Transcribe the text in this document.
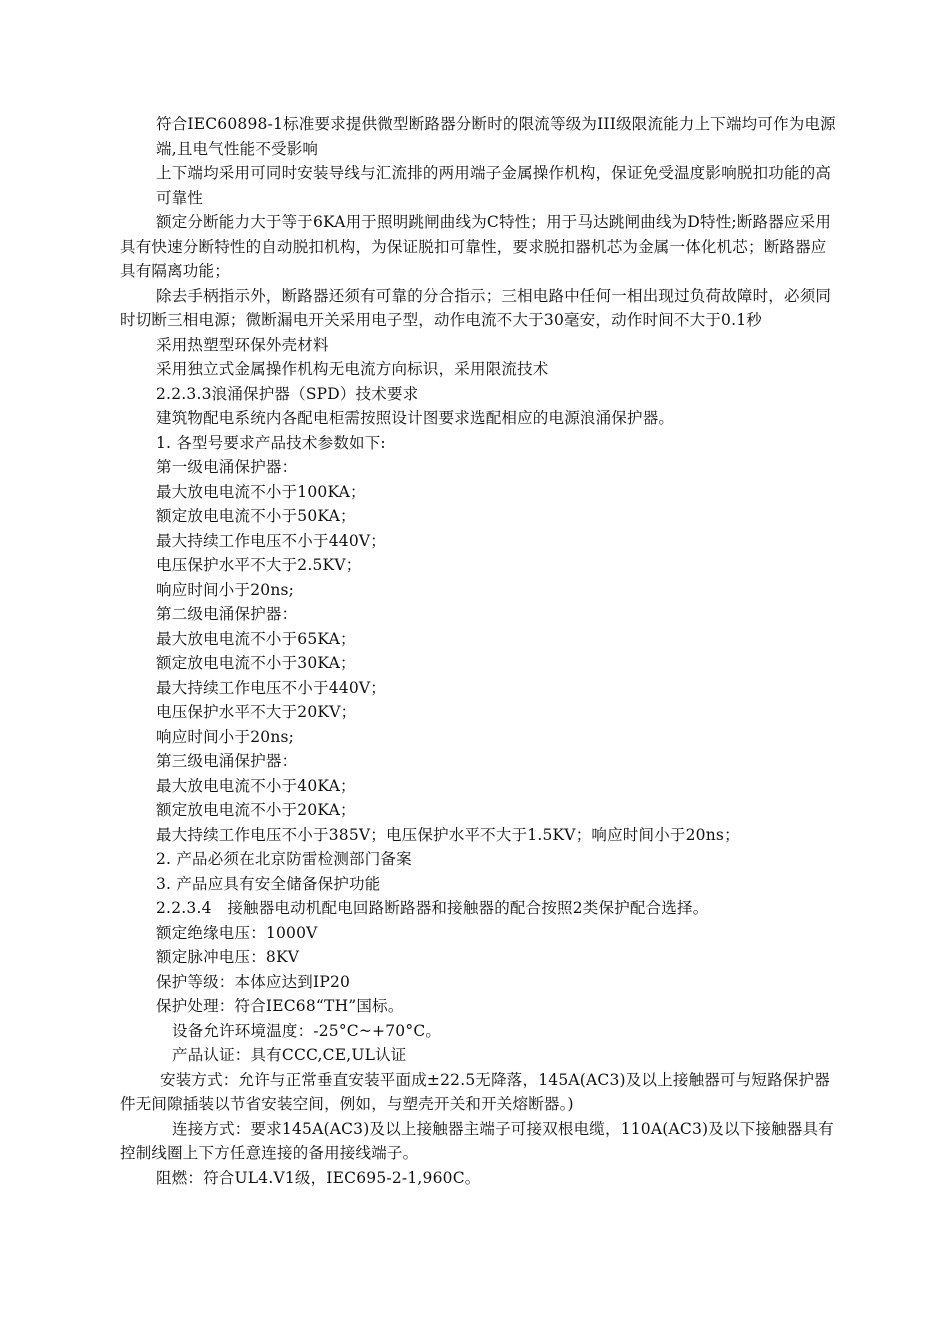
符合IEC60898-1标准要求提供微型断路器分断时的限流等级为III级限流能力上下端均可作为电源端,且电气性能不受影响

上下端均采用可同时安装导线与汇流排的两用端子金属操作机构，保证免受温度影响脱扣功能的高可靠性

额定分断能力大于等于6KA用于照明跳闸曲线为C特性；用于马达跳闸曲线为D特性;断路器应采用具有快速分断特性的自动脱扣机构，为保证脱扣可靠性，要求脱扣器机芯为金属一体化机芯；断路器应具有隔离功能；

除去手柄指示外，断路器还须有可靠的分合指示；三相电路中任何一相出现过负荷故障时，必须同时切断三相电源；微断漏电开关采用电子型，动作电流不大于30毫安，动作时间不大于0.1秒

采用热塑型环保外壳材料

采用独立式金属操作机构无电流方向标识，采用限流技术

2.2.3.3浪涌保护器（SPD）技术要求

建筑物配电系统内各配电柜需按照设计图要求选配相应的电源浪涌保护器。

1. 各型号要求产品技术参数如下:

第一级电涌保护器：

最大放电电流不小于100KA；

额定放电电流不小于50KA；

最大持续工作电压不小于440V；

电压保护水平不大于2.5KV；

响应时间小于20ns;

第二级电涌保护器：

最大放电电流不小于65KA；

额定放电电流不小于30KA；

最大持续工作电压不小于440V；

电压保护水平不大于20KV；

响应时间小于20ns;

第三级电涌保护器：

最大放电电流不小于40KA；

额定放电电流不小于20KA；

最大持续工作电压不小于385V；电压保护水平不大于1.5KV；响应时间小于20ns；

2. 产品必须在北京防雷检测部门备案

3. 产品应具有安全储备保护功能

2.2.3.4　接触器电动机配电回路断路器和接触器的配合按照2类保护配合选择。

额定绝缘电压：1000V

额定脉冲电压：8KV

保护等级：本体应达到IP20

保护处理：符合IEC68“TH”国标。

设备允许环境温度：-25°C~+70°C。

产品认证：具有CCC,CE,UL认证

安装方式：允许与正常垂直安装平面成±22.5无降落，145A(AC3)及以上接触器可与短路保护器件无间隙插装以节省安装空间，例如，与塑壳开关和开关熔断器。)

连接方式：要求145A(AC3)及以上接触器主端子可接双根电缆，110A(AC3)及以下接触器具有控制线圈上下方任意连接的备用接线端子。

阻燃：符合UL4.V1级，IEC695-2-1,960C。
